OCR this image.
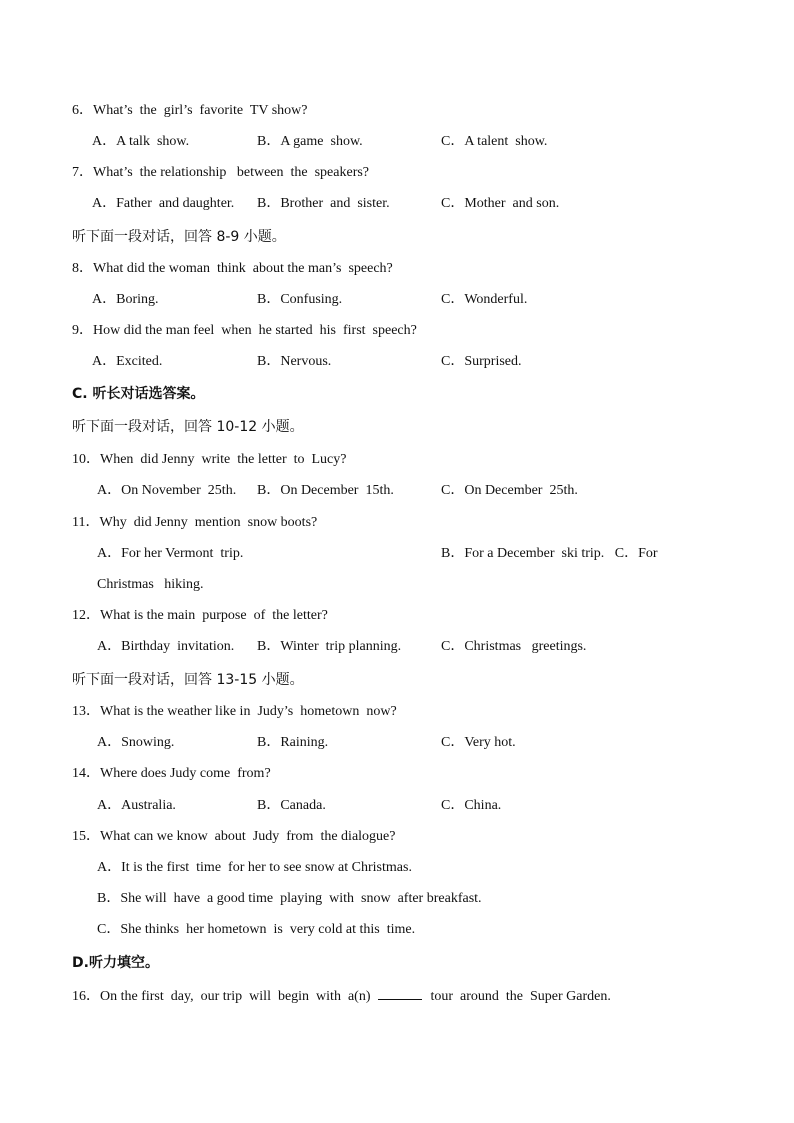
6．What’s  the  girl’s  favorite  TV show?
A．A talk  show.	B．A game  show.	C．A talent  show.
7．What’s  the relationship   between  the  speakers?
A．Father  and daughter. B．Brother  and  sister.	C．Mother  and son.
听下面一段对话，回答 8-9 小题。
8．What did the woman  think  about the man’s  speech?
A．Boring.	B．Confusing.	C．Wonderful.
9．How did the man feel  when  he started  his  first  speech?
A．Excited.	B．Nervous.	C．Surprised.
C. 听长对话选答案。
听下面一段对话，回答 10-12 小题。
10．When  did Jenny  write  the letter  to  Lucy?
A．On November  25th. B．On December  15th.	C．On December  25th.
11．Why  did Jenny  mention  snow boots?
A．For her Vermont  trip.	B．For a December  ski trip.   C．For
Christmas   hiking.
12．What is the main  purpose  of  the letter?
A．Birthday  invitation. B．Winter  trip planning.	C．Christmas   greetings.
听下面一段对话，回答 13-15 小题。
13．What is the weather like in  Judy’s  hometown  now?
A．Snowing.	B．Raining.	C．Very hot.
14．Where does Judy come  from?
A．Australia.	B．Canada.	C．China.
15．What can we know  about  Judy  from  the dialogue?
A．It is the first  time  for her to see snow at Christmas.
B．She will  have  a good time  playing  with  snow  after breakfast.
C．She thinks  her hometown  is  very cold at this  time.
D.听力填空。
16．On the first  day,  our trip  will  begin  with  a(n)	tour  around  the  Super Garden.
